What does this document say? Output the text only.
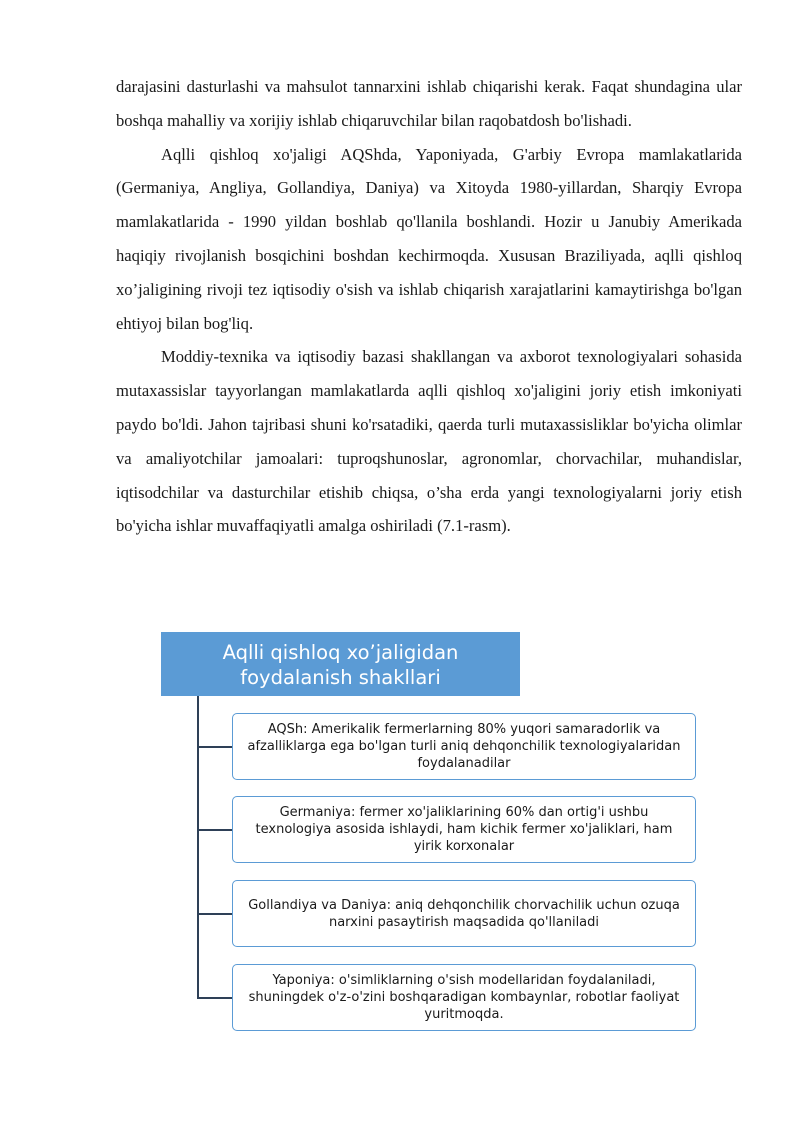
darajasini dasturlashi va mahsulot tannarxini ishlab chiqarishi kerak. Faqat shundagina ular boshqa mahalliy va xorijiy ishlab chiqaruvchilar bilan raqobatdosh bo'lishadi.

Aqlli qishloq xo'jaligi AQShda, Yaponiyada, G'arbiy Evropa mamlakatlarida (Germaniya, Angliya, Gollandiya, Daniya) va Xitoyda 1980-yillardan, Sharqiy Evropa mamlakatlarida - 1990 yildan boshlab qo'llanila boshlandi. Hozir u Janubiy Amerikada haqiqiy rivojlanish bosqichini boshdan kechirmoqda. Xususan Braziliyada, aqlli qishloq xo’jaligining rivoji tez iqtisodiy o'sish va ishlab chiqarish xarajatlarini kamaytirishga bo'lgan ehtiyoj bilan bog'liq.

Moddiy-texnika va iqtisodiy bazasi shakllangan va axborot texnologiyalari sohasida mutaxassislar tayyorlangan mamlakatlarda aqlli qishloq xo'jaligini joriy etish imkoniyati paydo bo'ldi. Jahon tajribasi shuni ko'rsatadiki, qaerda turli mutaxassisliklar bo'yicha olimlar va amaliyotchilar jamoalari: tuproqshunoslar, agronomlar, chorvachilar, muhandislar, iqtisodchilar va dasturchilar etishib chiqsa, o’sha erda yangi texnologiyalarni joriy etish bo'yicha ishlar muvaffaqiyatli amalga oshiriladi (7.1-rasm).

Aqlli qishloq xo’jaligidan foydalanish shakllari
AQSh: Amerikalik fermerlarning 80% yuqori samaradorlik va afzalliklarga ega bo'lgan turli aniq dehqonchilik texnologiyalaridan foydalanadilar
Germaniya: fermer xo'jaliklarining 60% dan ortig'i ushbu texnologiya asosida ishlaydi, ham kichik fermer xo'jaliklari, ham yirik korxonalar
Gollandiya va Daniya: aniq dehqonchilik chorvachilik uchun ozuqa narxini pasaytirish maqsadida qo'llaniladi
Yaponiya: o'simliklarning o'sish modellaridan foydalaniladi, shuningdek o'z-o'zini boshqaradigan kombaynlar, robotlar faoliyat yuritmoqda.
